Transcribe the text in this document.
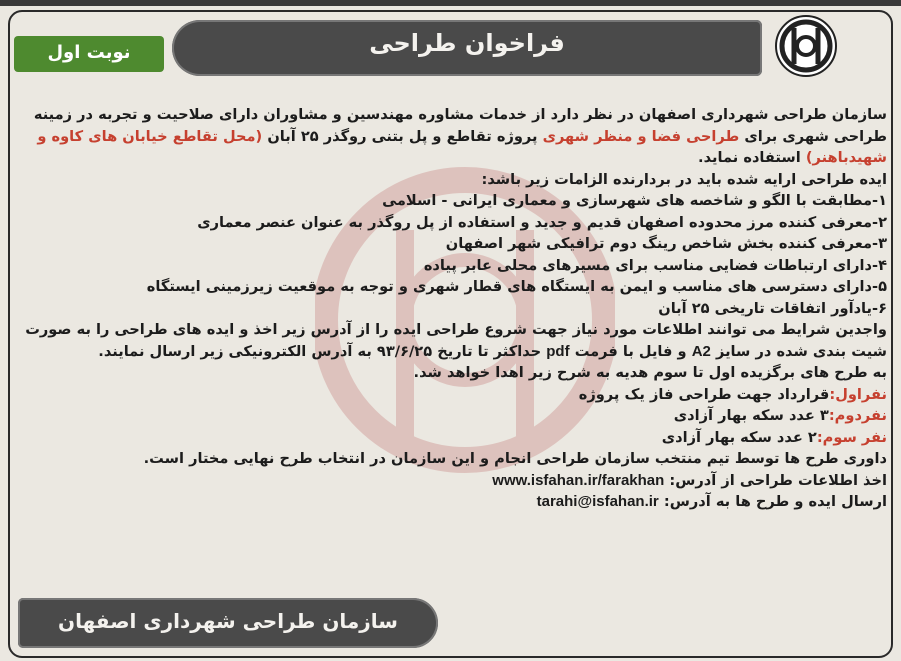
فراخوان طراحی
نوبت اول

سازمان طراحی شهرداری اصفهان در نظر دارد از خدمات مشاوره مهندسین و مشاوران دارای صلاحیت و تجربه در زمینه طراحی شهری برای طراحی فضا و منظر شهری پروژه تقاطع و پل بتنی روگذر ۲۵ آبان (محل تقاطع خیابان های کاوه و شهیدباهنر) استفاده نماید.

ایده طراحی ارایه شده باید در بردارنده الزامات زیر باشد:

۱-مطابقت با الگو و شاخصه های شهرسازی و معماری ایرانی - اسلامی

۲-معرفی کننده مرز محدوده اصفهان قدیم و جدید و استفاده از پل روگذر به عنوان عنصر معماری

۳-معرفی کننده بخش شاخص رینگ دوم ترافیکی شهر اصفهان

۴-دارای ارتباطات فضایی مناسب برای مسیرهای محلی عابر پیاده

۵-دارای دسترسی های مناسب و ایمن به ایستگاه های قطار شهری و توجه به موقعیت زیرزمینی ایستگاه

۶-یادآور اتفاقات تاریخی ۲۵ آبان

واجدین شرایط می توانند اطلاعات مورد نیاز جهت شروع طراحی ایده را از آدرس زیر اخذ و ایده های طراحی را به صورت شیت بندی شده در سایز A2 و فایل با فرمت pdf حداکثر تا تاریخ ۹۳/۶/۲۵ به آدرس الکترونیکی زیر ارسال نمایند.

به طرح های برگزیده اول تا سوم هدیه به شرح زیر اهدا خواهد شد.

نفراول:قرارداد جهت طراحی فاز یک پروژه

نفردوم:۳ عدد سکه بهار آزادی

نفر سوم:۲ عدد سکه بهار آزادی

داوری طرح ها توسط تیم منتخب سازمان طراحی انجام و این سازمان در انتخاب طرح نهایی مختار است.

اخذ اطلاعات طراحی از آدرس: www.isfahan.ir/farakhan

ارسال ایده و طرح ها به آدرس: tarahi@isfahan.ir

سازمان طراحی شهرداری اصفهان
